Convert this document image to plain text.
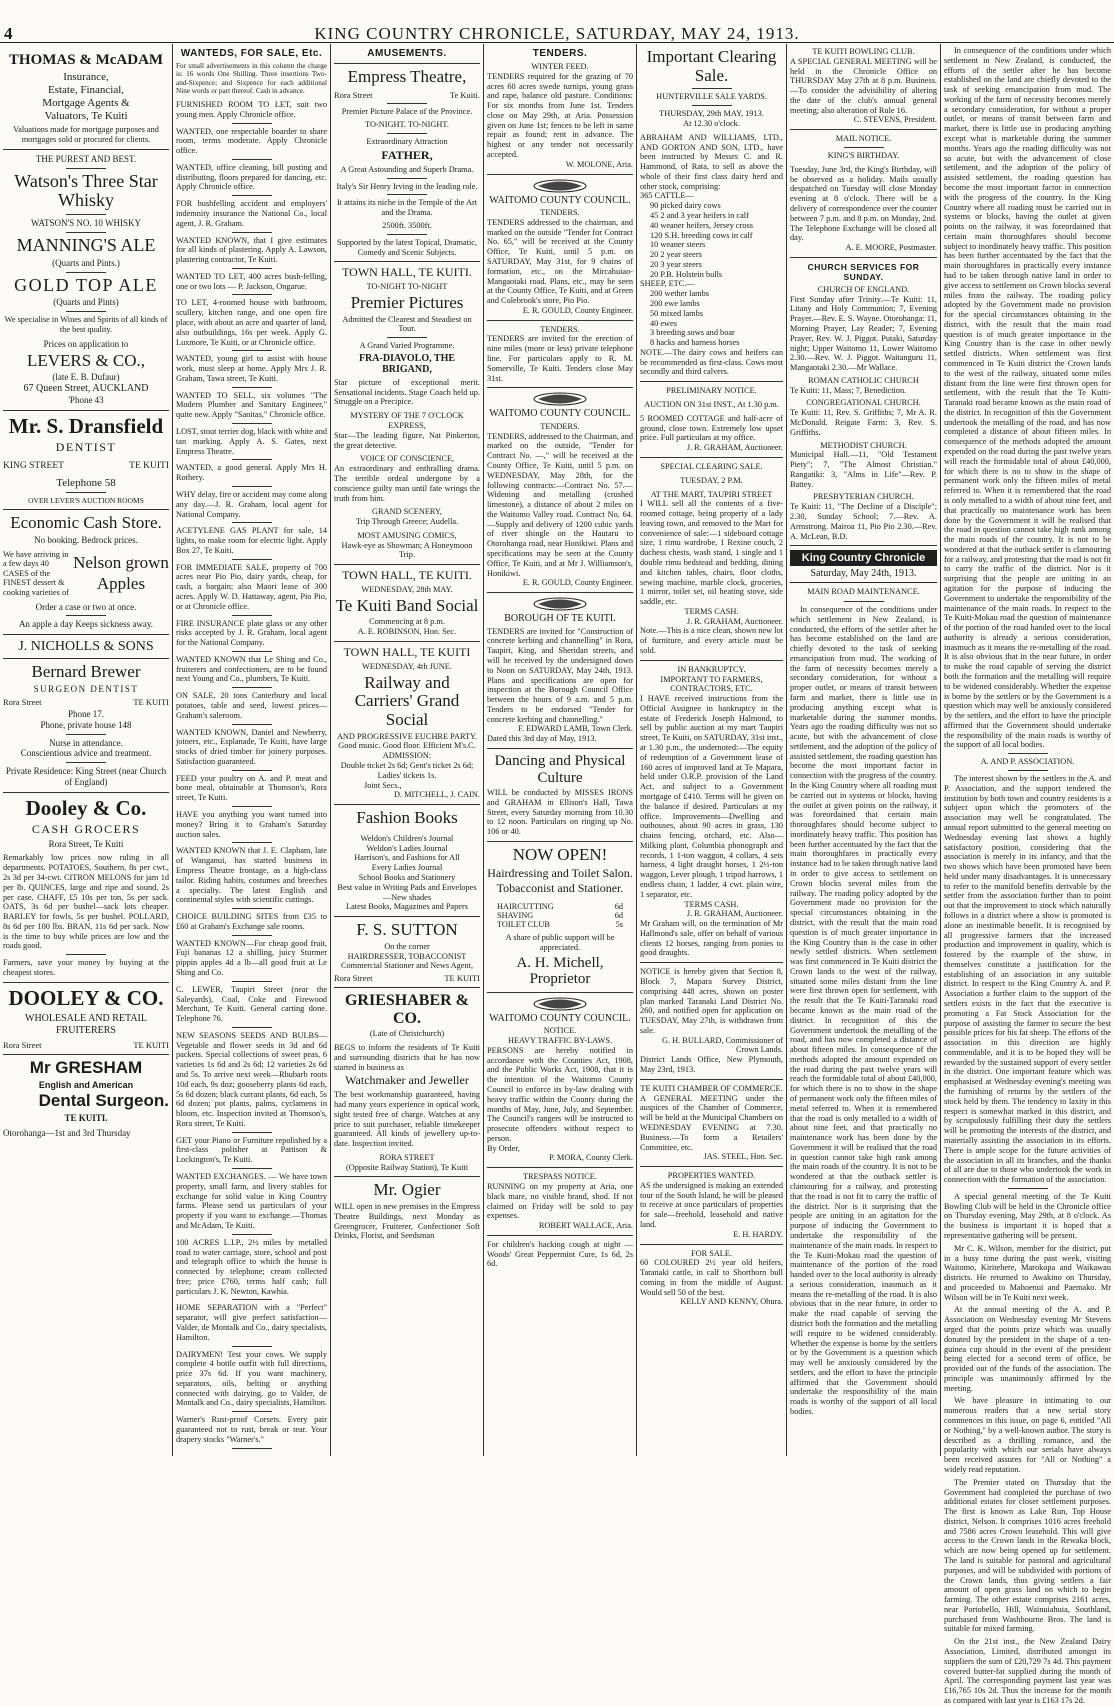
4	KING COUNTRY CHRONICLE, SATURDAY, MAY 24, 1913.
THOMAS & McADAM
Insurance,
Estate, Financial,
Mortgage Agents &
Valuators, Te Kuiti
Valuations made for mortgage purposes and mortgages sold or procured for clients.
THE PUREST AND BEST.
Watson's Three Star Whisky
WATSON'S NO. 10 WHISKY
MANNING'S ALE
(Quarts and Pints.)
GOLD TOP ALE
(Quarts and Pints)
We specialise in Wines and Spirits of all kinds of the best quality.
Prices on application to
LEVERS & CO.,
(late E. B. Dufaur)
67 Queen Street, AUCKLAND
'Phone 43
Mr. S. Dransfield
DENTIST
KING STREET	TE KUITI
Telephone 58
OVER LEVER'S AUCTION ROOMS
Economic Cash Store.
No booking. Bedrock prices.
We have arriving in a few days 40 CASES of the FINEST dessert & cooking varieties of
Nelson grown Apples
Order a case or two at once.
An apple a day Keeps sickness away.
J. NICHOLLS & SONS
Bernard Brewer
SURGEON DENTIST
Rora Street	TE KUITI
Phone 17.
Phone, private house 148
Nurse in attendance.
Conscientious advice and treatment.
Private Residence: King Street (near Church of England)
Dooley & Co.
CASH GROCERS
Rora Street, Te Kuiti
Remarkably low prices now ruling in all departments. POTATOES, Southern, 8s per cwt., 2s 3d per 34-cwt. CITRON MELONS for jam 1d per lb. QUINCES, large and ripe and sound, 2s per case. CHAFF, £5 10s per ton, 5s per sack. OATS, 3s 6d per bushel—sack lots cheaper. BARLEY for fowls, 5s per bushel. POLLARD, 8s 6d per 100 lbs. BRAN, 11s 6d per sack. Now is the time to buy while prices are low and the roads good.
Farmers, save your money by buying at the cheapest stores.
DOOLEY & CO.
WHOLESALE AND RETAIL FRUITERERS
Rora Street	TE KUITI
Mr GRESHAM
English and American
Dental Surgeon.
TE KUITI.
Otorohanga—1st and 3rd Thursday
WANTEDS, FOR SALE, Etc.
For small advertisements in this column the charge is: 16 words One Shilling. Three insertions Two-and-Sixpence; and Sixpence for each additional Nine words or part thereof. Cash in advance.
FURNISHED ROOM TO LET, suit two young men. Apply Chronicle office.
WANTED, one respectable boarder to share room, terms moderate. Apply Chronicle office.
WANTED, office cleaning, bill posting and distributing, floors prepared for dancing, etc. Apply Chronicle office.
FOR bushfelling accident and employers' indemnity insurance the National Co., local agent, J. R. Graham.
WANTED KNOWN, that I give estimates for all kinds of plastering. Apply A. Lawson, plastering contractor, Te Kuiti.
WANTED TO LET, 400 acres bush-felling, one or two lots — P. Jackson, Ongarue.
TO LET, 4-roomed house with bathroom, scullery, kitchen range, and one open fire place, with about an acre and quarter of land, also outbuildings, 16s per week. Apply G. Luxmore, Te Kuiti, or at Chronicle office.
WANTED, young girl to assist with house work, must sleep at home. Apply Mrs J. R. Graham, Tawa street, Te Kuiti.
WANTED TO SELL, six volumes "The Modern Plumber and Sanitary Engineer," quite new. Apply "Sanitas," Chronicle office.
LOST, stout terrier dog, black with white and tan marking. Apply A. S. Gates, next Empress Theatre.
WANTED, a good general. Apply Mrs H. Rothery.
WHY delay, fire or accident may come along any day.—J. R. Graham, local agent for National Company.
ACETYLENE GAS PLANT for sale, 14 lights, to make room for electric light. Apply Box 27, Te Kuiti.
FOR IMMEDIATE SALE, property of 700 acres near Pio Pio, dairy yards, cheap, for cash, a bargain; also Maori lease of 300 acres. Apply W. D. Hattaway, agent, Pio Pio, or at Chronicle office.
FIRE INSURANCE plate glass or any other risks accepted by J. R. Graham, local agent for the National Company.
WANTED KNOWN that Le Shing and Co., fruiterers and confectioners, are to be found next Young and Co., plumbers, Te Kuiti.
ON SALE, 20 tons Canterbury and local potatoes, table and seed, lowest prices—Graham's saleroom.
WANTED KNOWN, Daniel and Newberry, joiners, etc., Esplanade, Te Kuiti, have large stocks of dried timber for joinery purposes. Satisfaction guaranteed.
FEED your poultry on A. and P. meat and bone meal, obtainable at Thomson's, Rora street, Te Kuiti.
HAVE you anything you want turned into money? Bring it to Graham's Saturday auction sales.
WANTED KNOWN that J. E. Clapham, late of Wanganui, has started business in Empress Theatre frontage, as a high-class tailor. Riding habits, costumes and breeches a specialty. The latest English and continental styles with scientific cuttings.
CHOICE BUILDING SITES from £35 to £60 at Graham's Exchange sale rooms.
WANTED KNOWN—For cheap good fruit, Fuji bananas 12 a shilling, juicy Sturmer pippin apples 4d a lb—all good fruit at Le Shing and Co.
C. LEWER, Taupiri Street (near the Saleyards), Coal, Coke and Firewood Merchant, Te Kuiti. General carting done. Telephone 76.
NEW SEASONS SEEDS AND BULBS—Vegetable and flower seeds in 3d and 6d packets. Special collections of sweet peas, 6 varieties 1s 6d and 2s 6d; 12 varieties 2s 6d and 5s. To arrive next week—Rhubarb roots 10d each, 9s doz; gooseberry plants 6d each, 5s 6d dozen; black currant plants, 6d each, 5s 6d dozen; pot plants, palms, cyclamens in bloom, etc. Inspection invited at Thomson's, Rora street, Te Kuiti.
GET your Piano or Furniture repolished by a first-class polisher at Pattison & Lockington's, Te Kuiti.
WANTED EXCHANGES. — We have town property, small farm, and livery stables for exchange for solid value in King Country farms. Please send us particulars of your property if you want to exchange.—Thomas and McAdam, Te Kuiti.
100 ACRES L.I.P., 2½ miles by metalled road to water carriage, store, school and post and telegraph office to which the house is connected by telephone; cream collected free; price £760, terms half cash; full particulars J. K. Newton, Kawhia.
HOME SEPARATION with a "Perfect" separator, will give perfect satisfaction—Valder, de Montalk and Co., dairy specialists, Hamilton.
DAIRYMEN! Test your cows. We supply complete 4 bottle outfit with full directions, price 37s 6d. If you want machinery, separators, oils, belting or anything connected with dairying, go to Valder, de Montalk and Co., dairy specialists, Hamilton.
Warner's Rust-proof Corsets. Every pair guaranteed not to rust, break or tear. Your drapery stocks "Warner's."
AMUSEMENTS.
Empress Theatre,
Rora Street	Te Kuiti.
Premier Picture Palace of the Province.
TO-NIGHT. TO-NIGHT.
Extraordinary Attraction
FATHER,
A Great Astounding and Superb Drama.
Italy's Sir Henry Irving in the leading role.
It attains its niche in the Temple of the Art and the Drama.
2500ft. 3500ft.
Supported by the latest Topical, Dramatic, Comedy and Scenic Subjects.
TOWN HALL, TE KUITI.
TO-NIGHT TO-NIGHT
Premier Pictures
Admitted the Clearest and Steadiest on Tour.
A Grand Varied Programme.
FRA-DIAVOLO, THE BRIGAND,
Star picture of exceptional merit. Sensational incidents. Stage Coach held up. Struggle on a Precipice.
MYSTERY OF THE 7 O'CLOCK EXPRESS,
Star—The leading figure, Nat Pinkerton, the great detective.
VOICE OF CONSCIENCE,
An extraordinary and enthralling drama. The terrible ordeal undergone by a conscience guilty man until fate wrings the truth from him.
GRAND SCENERY,
Trip Through Greece; Audella.
MOST AMUSING COMICS,
Hawk-eye as Showman; A Honeymoon Trip.
TOWN HALL, TE KUITI.
WEDNESDAY, 28th MAY.
Te Kuiti Band Social
Commencing at 8 p.m.
A. E. ROBINSON, Hon. Sec.
TOWN HALL, TE KUITI
WEDNESDAY, 4th JUNE.
Railway and Carriers' Grand Social
AND PROGRESSIVE EUCHRE PARTY.
Good music. Good floor. Efficient M's.C.
ADMISSION:
Double ticket 2s 6d; Gent's ticket 2s 6d; Ladies' tickets 1s.
Joint Secs.,
D. MITCHELL, J. CAIN.
Fashion Books
Weldon's Children's Journal
Weldon's Ladies Journal
Harrison's, and Fashions for All
Every Ladies Journal
School Books and Stationery
Best value in Writing Pads and Envelopes—New shades
Latest Books, Magazines and Papers
F. S. SUTTON
On the corner
HAIRDRESSER, TOBACCONIST
Commercial Stationer and News Agent,
Rora Street	TE KUITI
GRIESHABER & CO.
(Late of Christchurch)
BEGS to inform the residents of Te Kuiti and surrounding districts that he has now started in business as
Watchmaker and Jeweller
The best workmanship guaranteed, having had many years experience in optical work, sight tested free of charge. Watches at any price to suit purchaser, reliable timekeeper guaranteed. All kinds of jewellery up-to-date. Inspection invited.
RORA STREET
(Opposite Railway Station), Te Kuiti
Mr. Ogier
WILL open in new premises in the Empress Theatre Buildings, next Monday as Greengrocer, Fruiterer, Confectioner Soft Drinks, Florist, and Seedsman
TENDERS.
WINTER FEED.
TENDERS required for the grazing of 70 acres 60 acres swede turnips, young grass and rape, balance old pasture. Conditions: For six months from June 1st. Tenders close on May 29th, at Aria. Possession given on June 1st; fences to be left in same repair as found; rent in advance. The highest or any tender not necessarily accepted.
W. MOLONE, Aria.
WAITOMO COUNTY COUNCIL.
TENDERS.
TENDERS addressed to the chairman, and marked on the outside "Tender for Contract No. 65," will be received at the County Office, Te Kuiti, until 5 p.m. on SATURDAY, May 31st, for 9 chains of formation, etc., on the Mircahuiao-Mangaotaki road. Plans, etc., may be seen at the County Office, Te Kuiti, and at Green and Colebrook's store, Pio Pio.
E. R. GOULD, County Engineer.
TENDERS.
TENDERS are invited for the erection of nine miles (more or less) private telephone line. For particulars apply to R. M. Somerville, Te Kuiti. Tenders close May 31st.
WAITOMO COUNTY COUNCIL.
TENDERS.
TENDERS, addressed to the Chairman, and marked on the outside, "Tender for Contract No. —," will be received at the County Office, Te Kuiti, until 5 p.m. on WEDNESDAY, May 28th, for the following contracts:—Contract No. 57.—Widening and metalling (crushed limestone), a distance of about 2 miles on the Waitomo Valley road. Contract No. 64.—Supply and delivery of 1200 cubic yards of river shingle on the Hautaru to Otorohanga road, near Honikiwi. Plans and specifications may be seen at the County Office, Te Kuiti, and at Mr J. Williamson's, Honikiwi.
E. R. GOULD, County Engineer.
BOROUGH OF TE KUITI.
TENDERS are invited for "Construction of concrete kerbing and channelling" in Rora, Taupiri, King, and Sheridan streets, and will be received by the undersigned down to Noon on SATURDAY, May 24th, 1913. Plans and specifications are open for inspection at the Borough Council Office between the hours of 9 a.m. and 5 p.m. Tenders to be endorsed "Tender for concrete kerbing and channelling."
F. EDWARD LAMB, Town Clerk.
Dated this 3rd day of May, 1913.
Dancing and Physical Culture
WILL be conducted by MISSES IRONS and GRAHAM in Ellison's Hall, Tawa Street, every Saturday morning from 10.30 to 12 noon. Particulars on ringing up No. 106 or 40.
NOW OPEN!
Hairdressing and Toilet Salon.
Tobacconist and Stationer.
HAIRCUTTING	6d
SHAVING	6d
TOILET CLUB	5s
A share of public support will be appreciated.
A. H. Michell, Proprietor
WAITOMO COUNTY COUNCIL.
NOTICE.
HEAVY TRAFFIC BY-LAWS.
PERSONS are hereby notified in accordance with the Counties Act, 1908, and the Public Works Act, 1908, that it is the intention of the Waitomo County Council to enforce its by-law dealing with heavy traffic within the County during the months of May, June, July, and September. The Council's rangers will be instructed to prosecute offenders without respect to person.
By Order,
P. MORA, County Clerk.
TRESPASS NOTICE.
RUNNING on my property at Aria, one black mare, no visible brand, shod. If not claimed on Friday will be sold to pay expenses.
ROBERT WALLACE, Aria.
For children's hacking cough at night — Woods' Great Peppermint Cure, 1s 6d, 2s 6d.
Important Clearing Sale.
HUNTERVILLE SALE YARDS.
THURSDAY, 29th MAY, 1913.
At 12.30 o'clock.
ABRAHAM AND WILLIAMS, LTD., AND GORTON AND SON, LTD., have been instructed by Messrs C. and R. Hammond, of Rata, to sell as above the whole of their first class dairy herd and other stock, comprising:
365 CATTLE—
90 picked dairy cows
45 2 and 3 year heifers in calf
40 weaner heifers, Jersey cross
120 S.H. breeding cows in calf
10 weaner steers
20 2 year steers
20 3 year steers
20 P.B. Holstein bulls
SHEEP, ETC.—
200 wether lambs
200 ewe lambs
50 mixed lambs
40 ewes
3 breeding sows and boar
8 hacks and harness horses
NOTE.—The dairy cows and heifers can be recommended as first-class. Cows most secondly and third calvers.
PRELIMINARY NOTICE.
AUCTION ON 31st INST., At 1.30 p.m.
5 ROOMED COTTAGE and half-acre of ground, close town. Extremely low upset price. Full particulars at my office.
J. R. GRAHAM, Auctioneer.
SPECIAL CLEARING SALE.
TUESDAY, 2 P.M.
AT THE MART, TAUPIRI STREET
I WILL sell all the contents of a five-roomed cottage, being property of a lady leaving town, and removed to the Mart for convenience of sale:—1 sideboard cottage size, 1 rimu wardrobe, 1 Rexine couch, 2 duchess chests, wash stand, 1 single and 1 double rimu bedstead and bedding, dining and kitchen tables, chairs, floor cloths, sewing machine, marble clock, groceries, 1 mirror, toilet set, oil heating stove, side saddle, etc.
TERMS CASH.
J. R. GRAHAM, Auctioneer.
Note.—This is a nice clean, shown new lot of furniture, and every article must be sold.
IN BANKRUPTCY.
IMPORTANT TO FARMERS, CONTRACTORS, ETC.
I HAVE received instructions from the Official Assignee in bankruptcy in the estate of Frederick Joseph Halmond, to sell by public auction at my mart Taupiri street, Te Kuiti, on SATURDAY, 31st inst., at 1.30 p.m., the undernoted:—The equity of redemption of a Government lease of 160 acres of improved land at Te Mapara, held under O.R.P. provision of the Land Act, and subject to a Government mortgage of £410. Terms will be given on the balance if desired. Particulars at my office. Improvements—Dwelling and outhouses, about 90 acres in grass, 130 chains fencing, orchard, etc. Also—Milking plant, Columbia phonograph and records, 1 1-ton waggon, 4 collars, 4 sets harness, 4 light draught horses, 1 2½-ton waggon, Lever plough, 1 tripod harrows, 1 endless chain, 1 ladder, 4 cwt. plain wire, 1 separator, etc.
TERMS CASH.
J. R. GRAHAM, Auctioneer.
Mr Graham will, on the termination of Mr Hallmond's sale, offer on behalf of various clients 12 horses, ranging from ponies to good draughts.
NOTICE is hereby given that Section 8, Block 7, Mapara Survey District, comprising 448 acres, shown on poster plan marked Taranaki Land District No. 260, and notified open for application on TUESDAY, May 27th, is withdrawn from sale.
G. H. BULLARD, Commissioner of Crown Lands.
District Lands Office, New Plymouth, May 23rd, 1913.
TE KUITI CHAMBER OF COMMERCE.
A GENERAL MEETING under the auspices of the Chamber of Commerce, will be held at the Municipal Chambers on WEDNESDAY EVENING at 7.30. Business.—To form a Retailers' Committee, etc.
JAS. STEEL, Hon. Sec.
PROPERTIES WANTED.
AS the undersigned is making an extended tour of the South Island, he will be pleased to receive at once particulars of properties for sale—freehold, leasehold and native land.
E. H. HARDY.
FOR SALE.
60 COLOURED 2½ year old heifers, Taranaki cattle, in calf to Shorthorn bull coming in from the middle of August. Would sell 50 of the best.
KELLY AND KENNY, Ohura.
TE KUITI BOWLING CLUB.
A SPECIAL GENERAL MEETING will be held in the Chronicle Office on THURSDAY May 27th at 8 p.m. Business.—To consider the advisibility of altering the date of the club's annual general meeting; also alteration of Rule 16.
C. STEVENS, President.
MAIL NOTICE.
KING'S BIRTHDAY.
Tuesday, June 3rd, the King's Birthday, will be observed as a holiday. Mails usually despatched on Tuesday will close Monday evening at 8 o'clock. There will be a delivery of correspondence over the counter between 7 p.m. and 8 p.m. on Monday, 2nd. The Telephone Exchange will be closed all day.
A. E. MOORE, Postmaster.
CHURCH SERVICES FOR SUNDAY.
CHURCH OF ENGLAND.
First Sunday after Trinity.—Te Kuiti: 11, Litany and Holy Communion; 7, Evening Prayer.—Rev. E. S. Wayne. Otorohanga: 11, Morning Prayer, Lay Reader; 7, Evening Prayer, Rev. W. J. Piggot. Putaki, Saturday night; Upper Waitomo 11, Lower Waitomo 2.30.—Rev. W. J. Piggot. Waitanguru 11, Mangaotaki 2.30.—Mr Wallace.
ROMAN CATHOLIC CHURCH
Te Kuiti: 11, Mass; 7, Benediction.
CONGREGATIONAL CHURCH.
Te Kuiti: 11, Rev. S. Griffiths; 7, Mr A. R. McDonald. Reigate Farm: 3, Rev. S. Griffiths.
METHODIST CHURCH.
Municipal Hall.—11, "Old Testament Piety"; 7, "The Almost Christian." Rangatiki: 3, "Alms in Life"—Rev. P. Battey.
PRESBYTERIAN CHURCH.
Te Kuiti: 11, "The Decline of a Disciple"; 2.30, Sunday School; 7.—Rev. A. Armstrong. Mairoa 11, Pio Pio 2.30.—Rev. A. McLean, B.D.
King Country Chronicle
Saturday, May 24th, 1913.
MAIN ROAD MAINTENANCE.
In consequence of the conditions under which settlement in New Zealand, is conducted, the efforts of the settler after he has become established on the land are chiefly devoted to the task of seeking emancipation from mud. The working of the farm of necessity becomes merely a secondary consideration, for without a proper outlet, or means of transit between farm and market, there is little use in producing anything except what is marketable during the summer months. Years ago the roading difficulty was not so acute, but with the advancement of close settlement, and the adoption of the policy of assisted settlement, the roading question has become the most important factor in connection with the progress of the country. In the King Country where all roading must be carried out in systems or blocks, having the outlet at given points on the railway, it was foreordained that certain main thoroughfares should become subject to inordinately heavy traffic. This position has been further accentuated by the fact that the main thoroughfares in practically every instance had to be taken through native land in order to give access to settlement on Crown blocks several miles from the railway. The roading policy adopted by the Government made no provision for the special circumstances obtaining in the district, with the result that the main road question is of much greater importance in the King Country than is the case in other newly settled districts. When settlement was first commenced in Te Kuiti district the Crown lands to the west of the railway, situated some miles distant from the line were first thrown open for settlement, with the result that the Te Kuiti-Taranaki road became known as the main road of the district. In recognition of this the Government undertook the metalling of the road, and has now completed a distance of about fifteen miles. In consequence of the methods adopted the amount expended on the road during the past twelve years will reach the formidable total of about £40,000, for which there is no to show in the shape of permanent work only the fifteen miles of metal referred to. When it is remembered that the road is only metalled to a width of about nine feet, and that practically no maintenance work has been done by the Government it will be realised that the road in question cannot take high rank among the main roads of the country. It is not to be wondered at that the outback settler is clamouring for a railway, and protesting that the road is not fit to carry the traffic of the district. Nor is it surprising that the people are uniting in an agitation for the purpose of inducing the Government to undertake the responsibility of the maintenance of the main roads. In respect to the Te Kuiti-Mokau road the question of maintenance of the portion of the road handed over to the local authority is already a serious consideration, inasmuch as it means the re-metalling of the road. It is also obvious that in the near future, in order to make the road capable of serving the district both the formation and the metalling will require to be widened considerably. Whether the expense is borne by the settlers or by the Government is a question which may well be anxiously considered by the settlers, and the effort to have the principle affirmed that the Government should undertake the responsibility of the main roads is worthy of the support of all local bodies.
In consequence of the conditions under which settlement in New Zealand, is conducted, the efforts of the settler after he has become established on the land are chiefly devoted to the task of seeking emancipation from mud. The working of the farm of necessity becomes merely a secondary consideration, for without a proper outlet, or means of transit between farm and market, there is little use in producing anything except what is marketable during the summer months. Years ago the roading difficulty was not so acute, but with the advancement of close settlement, and the adoption of the policy of assisted settlement, the roading question has become the most important factor in connection with the progress of the country. In the King Country where all roading must be carried out in systems or blocks, having the outlet at given points on the railway, it was foreordained that certain main thoroughfares should become subject to inordinately heavy traffic. This position has been further accentuated by the fact that the main thoroughfares in practically every instance had to be taken through native land in order to give access to settlement on Crown blocks several miles from the railway. The roading policy adopted by the Government made no provision for the special circumstances obtaining in the district, with the result that the main road question is of much greater importance in the King Country than is the case in other newly settled districts. When settlement was first commenced in Te Kuiti district the Crown lands to the west of the railway, situated some miles distant from the line were first thrown open for settlement, with the result that the Te Kuiti-Taranaki road became known as the main road of the district. In recognition of this the Government undertook the metalling of the road, and has now completed a distance of about fifteen miles. In consequence of the methods adopted the amount expended on the road during the past twelve years will reach the formidable total of about £40,000, for which there is no to show in the shape of permanent work only the fifteen miles of metal referred to. When it is remembered that the road is only metalled to a width of about nine feet, and that practically no maintenance work has been done by the Government it will be realised that the road in question cannot take high rank among the main roads of the country. It is not to be wondered at that the outback settler is clamouring for a railway, and protesting that the road is not fit to carry the traffic of the district. Nor is it surprising that the people are uniting in an agitation for the purpose of inducing the Government to undertake the responsibility of the maintenance of the main roads. In respect to the Te Kuiti-Mokau road the question of maintenance of the portion of the road handed over to the local authority is already a serious consideration, inasmuch as it means the re-metalling of the road. It is also obvious that in the near future, in order to make the road capable of serving the district both the formation and the metalling will require to be widened considerably. Whether the expense is borne by the settlers or by the Government is a question which may well be anxiously considered by the settlers, and the effort to have the principle affirmed that the Government should undertake the responsibility of the main roads is worthy of the support of all local bodies.
A. AND P. ASSOCIATION.
The interest shown by the settlers in the A. and P. Association, and the support tendered the institution by both town and country residents is a subject upon which the promoters of the association may well be congratulated. The annual report submitted to the general meeting on Wednesday evening last shows a highly satisfactory position, considering that the association is merely in its infancy, and that the two shows which have been promoted have been held under many disadvantages. It is unnecessary to refer to the manifold benefits derivable by the settler from the association further than to point out that the improvement to stock which naturally follows in a district where a show is promoted is alone an inestimable benefit. It is recognised by all progressive farmers that the increased production and improvement in quality, which is fostered by the example of the show, in themselves constitute a justification for the establishing of an association in any suitable district. In respect to the King Country A. and P. Association a further claim to the support of the settlers exists in the fact that the executive is promoting a Fat Stock Association for the purpose of assisting the farmer to secure the best possible prices for his fat sheep. The efforts of the association in this direction are highly commendable, and it is to be hoped they will be rewarded by the sustained support of every settler in the district. One important feature which was emphasised at Wednesday evening's meeting was the furnishing of returns by the settlers of the stock held by them. The tendency to laxity in this respect is somewhat marked in this district, and by scrupulously fulfilling their duty the settlers will be promoting the interests of the district, and materially assisting the association in its efforts. There is ample scope for the future activities of the association in all its branches, and the thanks of all are due to those who undertook the work in connection with the formation of the association.
A special general meeting of the Te Kuiti Bowling Club will be held in the Chronicle office on Thursday evening, May 29th, at 8 o'clock. As the business is important it is hoped that a representative gathering will be present.
Mr C. K. Wilson, member for the district, put in a busy time during the past week, visiting Waitomo, Kiritehere, Marokopa and Waikawau districts. He returned to Awakino on Thursday, and proceeded to Mahoenui and Paemako. Mr Wilson will be in Te Kuiti next week.
At the annual meeting of the A. and P. Association on Wednesday evening Mr Stevens urged that the points prize which was usually donated by the president in the shape of a ten-guinea cup should in the event of the president being elected for a second term of office, be provided out of the funds of the association. The principle was unanimously affirmed by the meeting.
We have pleasure in intimating to our numerous readers that a new serial story commences in this issue, on page 6, entitled "All or Nothing," by a well-known author. The story is described as a thrilling romance, and the popularity with which our serials have always been received assures for "All or Nothing" a widely read reputation.
The Premier stated on Thursday that the Government had completed the purchase of two additional estates for closer settlement purposes. The first is known as Lake Run, Top House district, Nelson. It comprises 1016 acres freehold and 7586 acres Crown leasehold. This will give access to the Crown lands in the Rewaka block, which are now being opened up for settlement. The land is suitable for pastoral and agricultural purposes, and will be subdivided with portions of the Crown lands, thus giving settlers a fair amount of open grass land on which to begin farming. The other estate comprises 2161 acres, near Portobello, Hill, Wainuiahuia, Southland, purchased from Washbourne Bros. The land is suitable for mixed farming.
On the 21st inst., the New Zealand Dairy Association, Limited, distributed amongst its suppliers the sum of £20,729 7s 4d. This payment covered butter-fat supplied during the month of April. The corresponding payment last year was £16,765 10s 2d. Thus the increase for the month as compared with last year is £163 17s 2d.
